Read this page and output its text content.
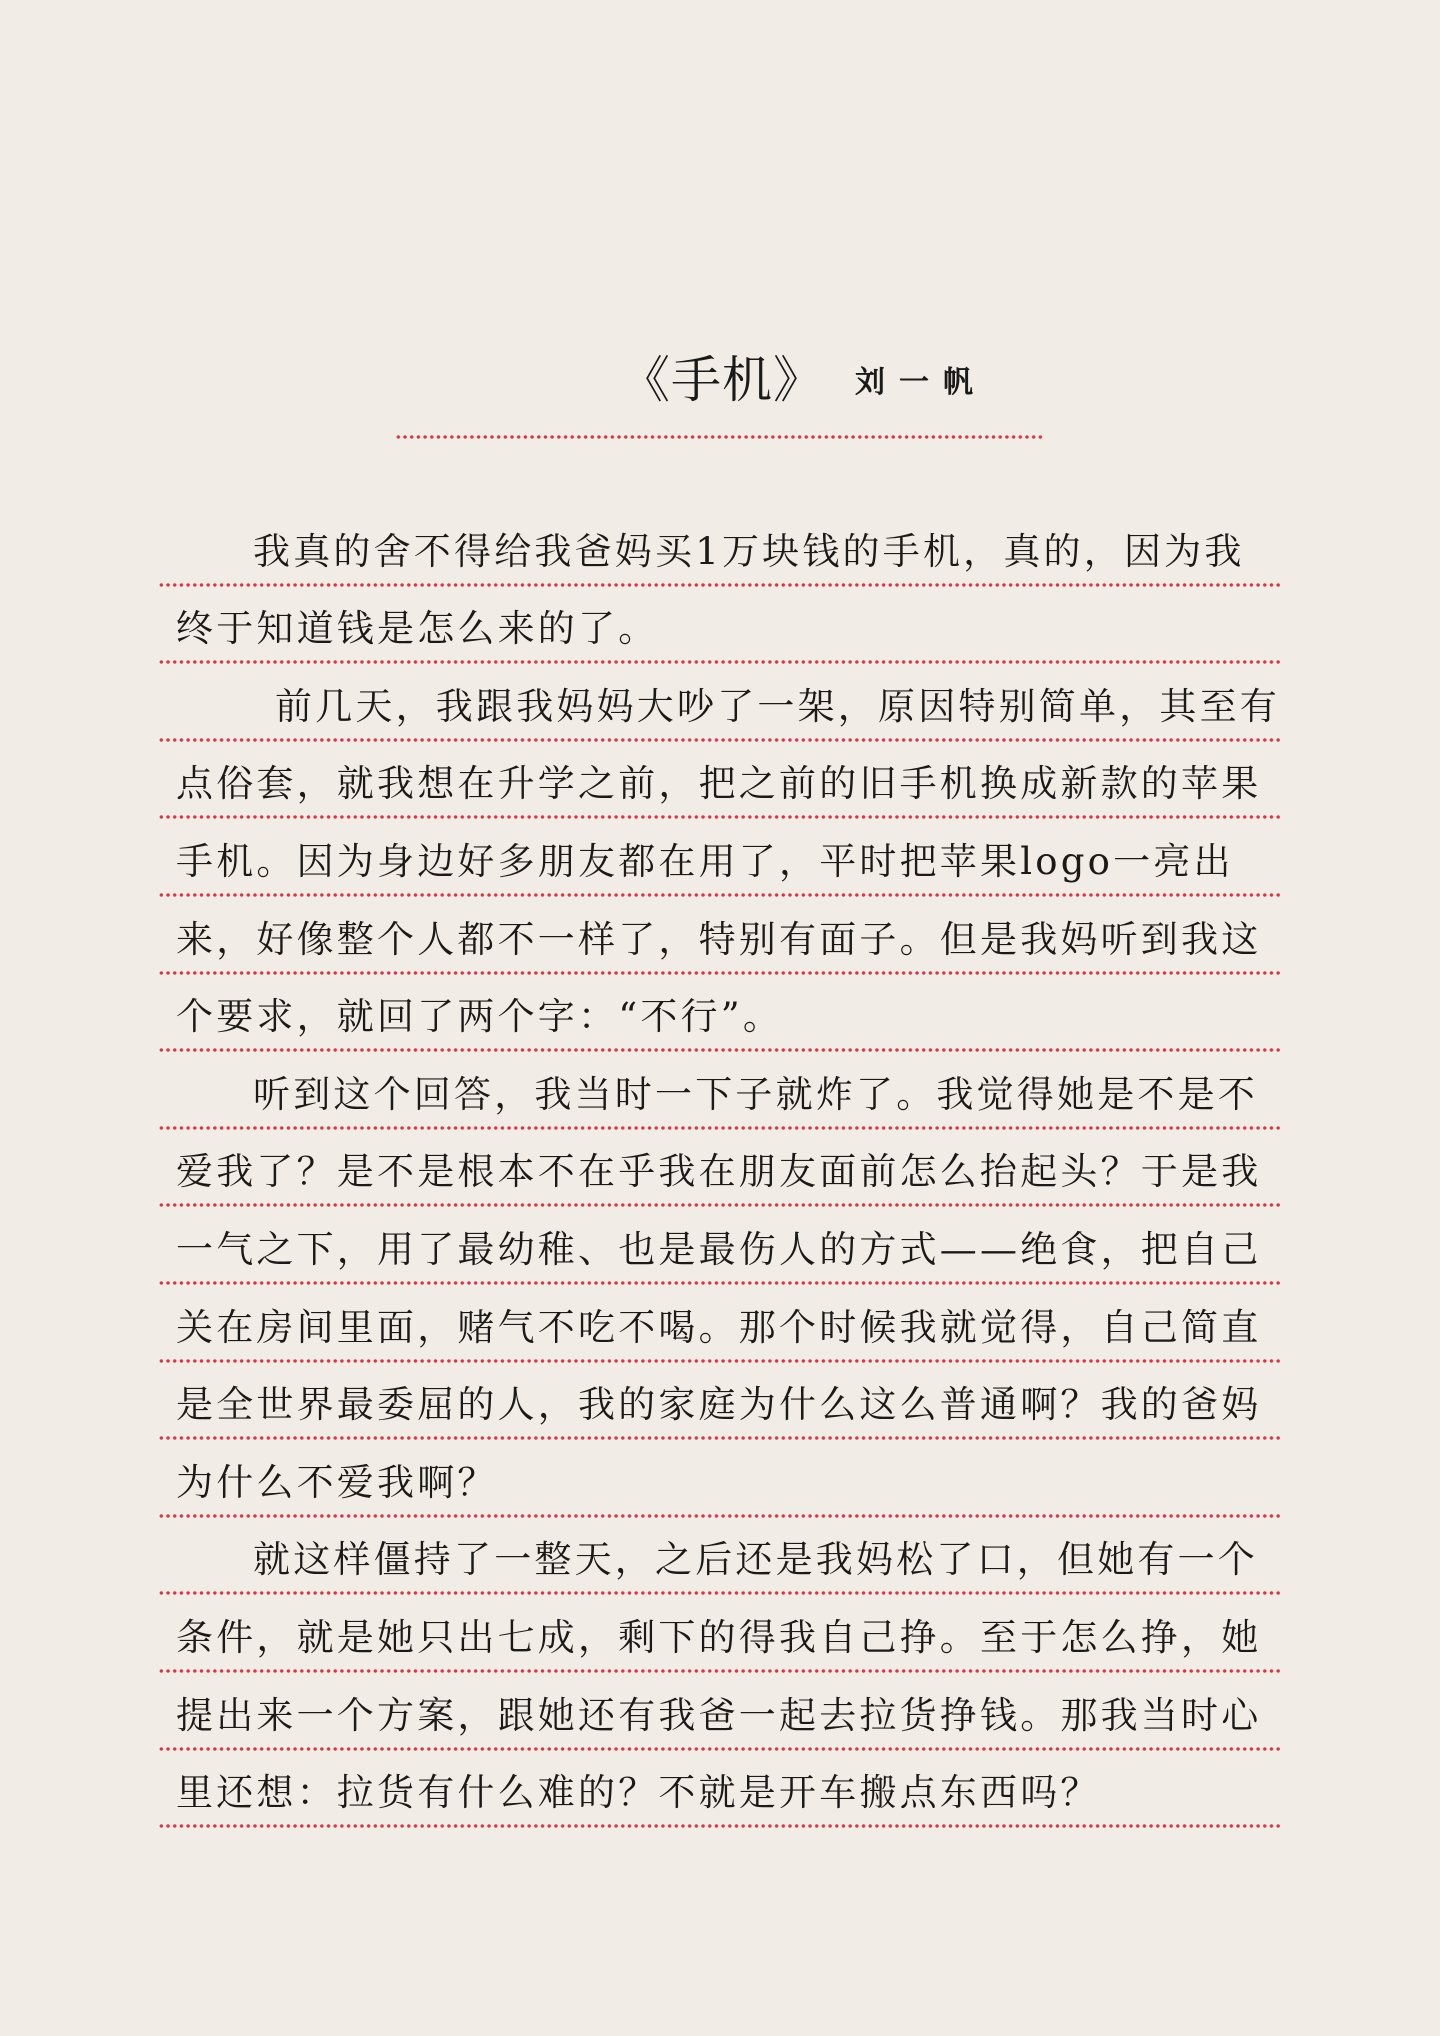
《手机》 刘一帆
我真的舍不得给我爸妈买1万块钱的手机，真的，因为我
终于知道钱是怎么来的了。
前几天，我跟我妈妈大吵了一架，原因特别简单，其至有
点俗套，就我想在升学之前，把之前的旧手机换成新款的苹果
手机。因为身边好多朋友都在用了，平时把苹果logo一亮出
来，好像整个人都不一样了，特别有面子。但是我妈听到我这
个要求，就回了两个字：“不行”。
听到这个回答，我当时一下子就炸了。我觉得她是不是不
爱我了？是不是根本不在乎我在朋友面前怎么抬起头？于是我
一气之下，用了最幼稚、也是最伤人的方式——绝食，把自己
关在房间里面，赌气不吃不喝。那个时候我就觉得，自己简直
是全世界最委屈的人，我的家庭为什么这么普通啊？我的爸妈
为什么不爱我啊？
就这样僵持了一整天，之后还是我妈松了口，但她有一个
条件，就是她只出七成，剩下的得我自己挣。至于怎么挣，她
提出来一个方案，跟她还有我爸一起去拉货挣钱。那我当时心
里还想：拉货有什么难的？不就是开车搬点东西吗？
